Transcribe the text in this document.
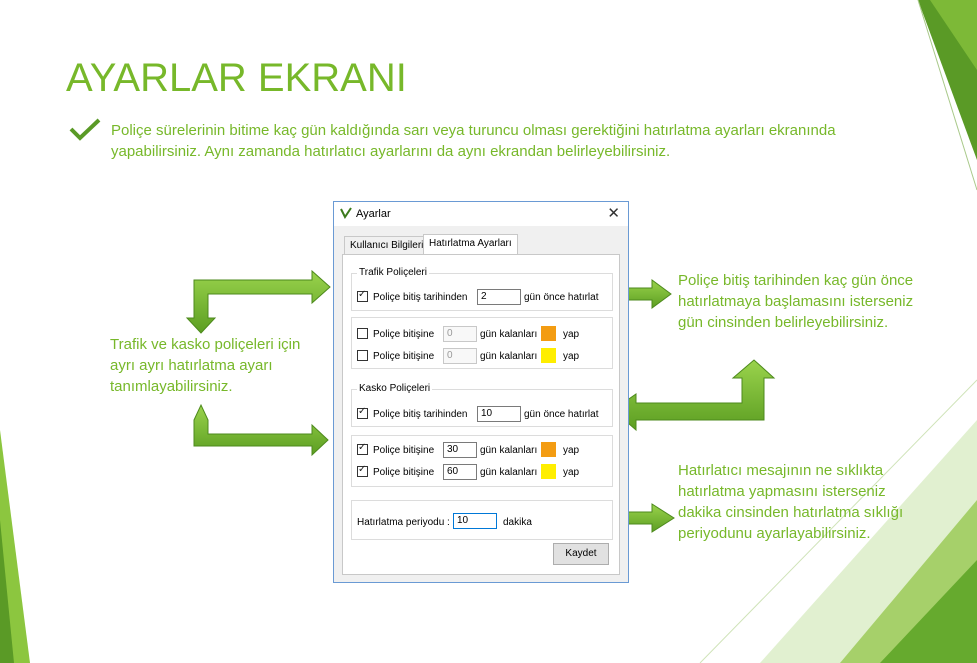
AYARLAR EKRANI
Poliçe sürelerinin bitime kaç gün kaldığında sarı veya turuncu olması gerektiğini hatırlatma ayarları ekranında yapabilirsiniz. Aynı zamanda hatırlatıcı ayarlarını da aynı ekrandan belirleyebilirsiniz.
Trafik ve kasko poliçeleri için ayrı ayrı hatırlatma ayarı tanımlayabilirsiniz.
Poliçe bitiş tarihinden kaç gün önce hatırlatmaya başlamasını isterseniz gün cinsinden belirleyebilirsiniz.
Hatırlatıcı mesajının ne sıklıkta hatırlatma yapmasını isterseniz dakika cinsinden hatırlatma sıklığı periyodunu ayarlayabilirsiniz.
Ayarlar	✕
Kullanıcı Bilgileri Hatırlatma Ayarları
Trafik Poliçeleri
✓
Poliçe bitiş tarihinden	2	gün önce hatırlat
Poliçe bitişine	0	gün kalanları	yap
Poliçe bitişine	0	gün kalanları	yap
Kasko Poliçeleri
✓
Poliçe bitiş tarihinden	10	gün önce hatırlat
✓
Poliçe bitişine	30	gün kalanları	yap
✓
Poliçe bitişine	60	gün kalanları	yap
Hatırlatma periyodu : 10	dakika
Kaydet
